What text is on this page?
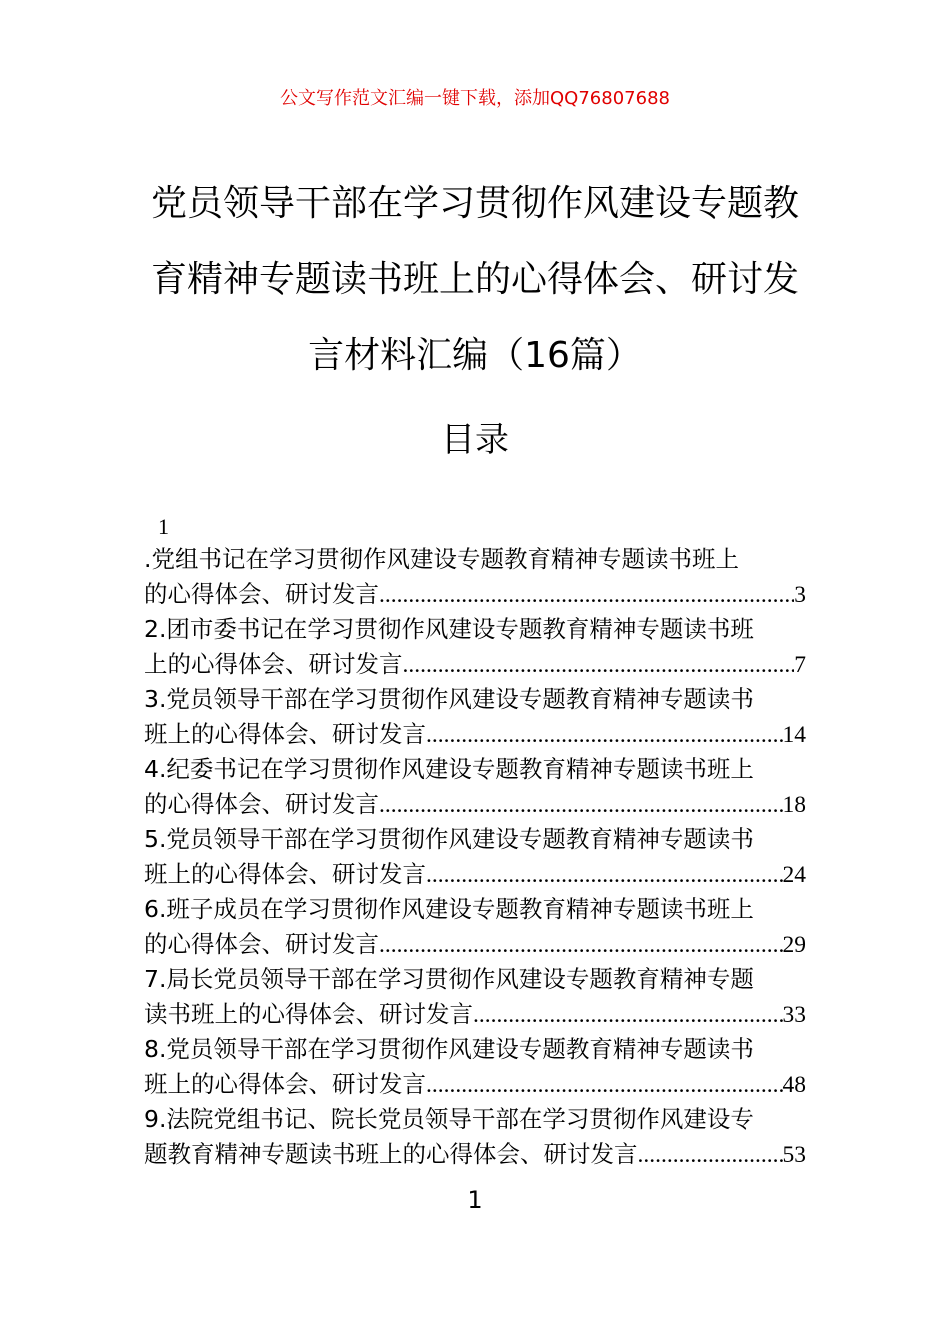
公文写作范文汇编一键下载，添加QQ76807688
党员领导干部在学习贯彻作风建设专题教育精神专题读书班上的心得体会、研讨发言材料汇编（16篇）
目录
1
.党组书记在学习贯彻作风建设专题教育精神专题读书班上
的心得体会、研讨发言 .....	3
2.团市委书记在学习贯彻作风建设专题教育精神专题读书班
上的心得体会、研讨发言 .....	7
3.党员领导干部在学习贯彻作风建设专题教育精神专题读书
班上的心得体会、研讨发言 .....	14
4.纪委书记在学习贯彻作风建设专题教育精神专题读书班上
的心得体会、研讨发言 .....	18
5.党员领导干部在学习贯彻作风建设专题教育精神专题读书
班上的心得体会、研讨发言 .....	24
6.班子成员在学习贯彻作风建设专题教育精神专题读书班上
的心得体会、研讨发言 .....	29
7.局长党员领导干部在学习贯彻作风建设专题教育精神专题
读书班上的心得体会、研讨发言 .....	33
8.党员领导干部在学习贯彻作风建设专题教育精神专题读书
班上的心得体会、研讨发言 .....	48
9.法院党组书记、院长党员领导干部在学习贯彻作风建设专
题教育精神专题读书班上的心得体会、研讨发言 .....	53
1
